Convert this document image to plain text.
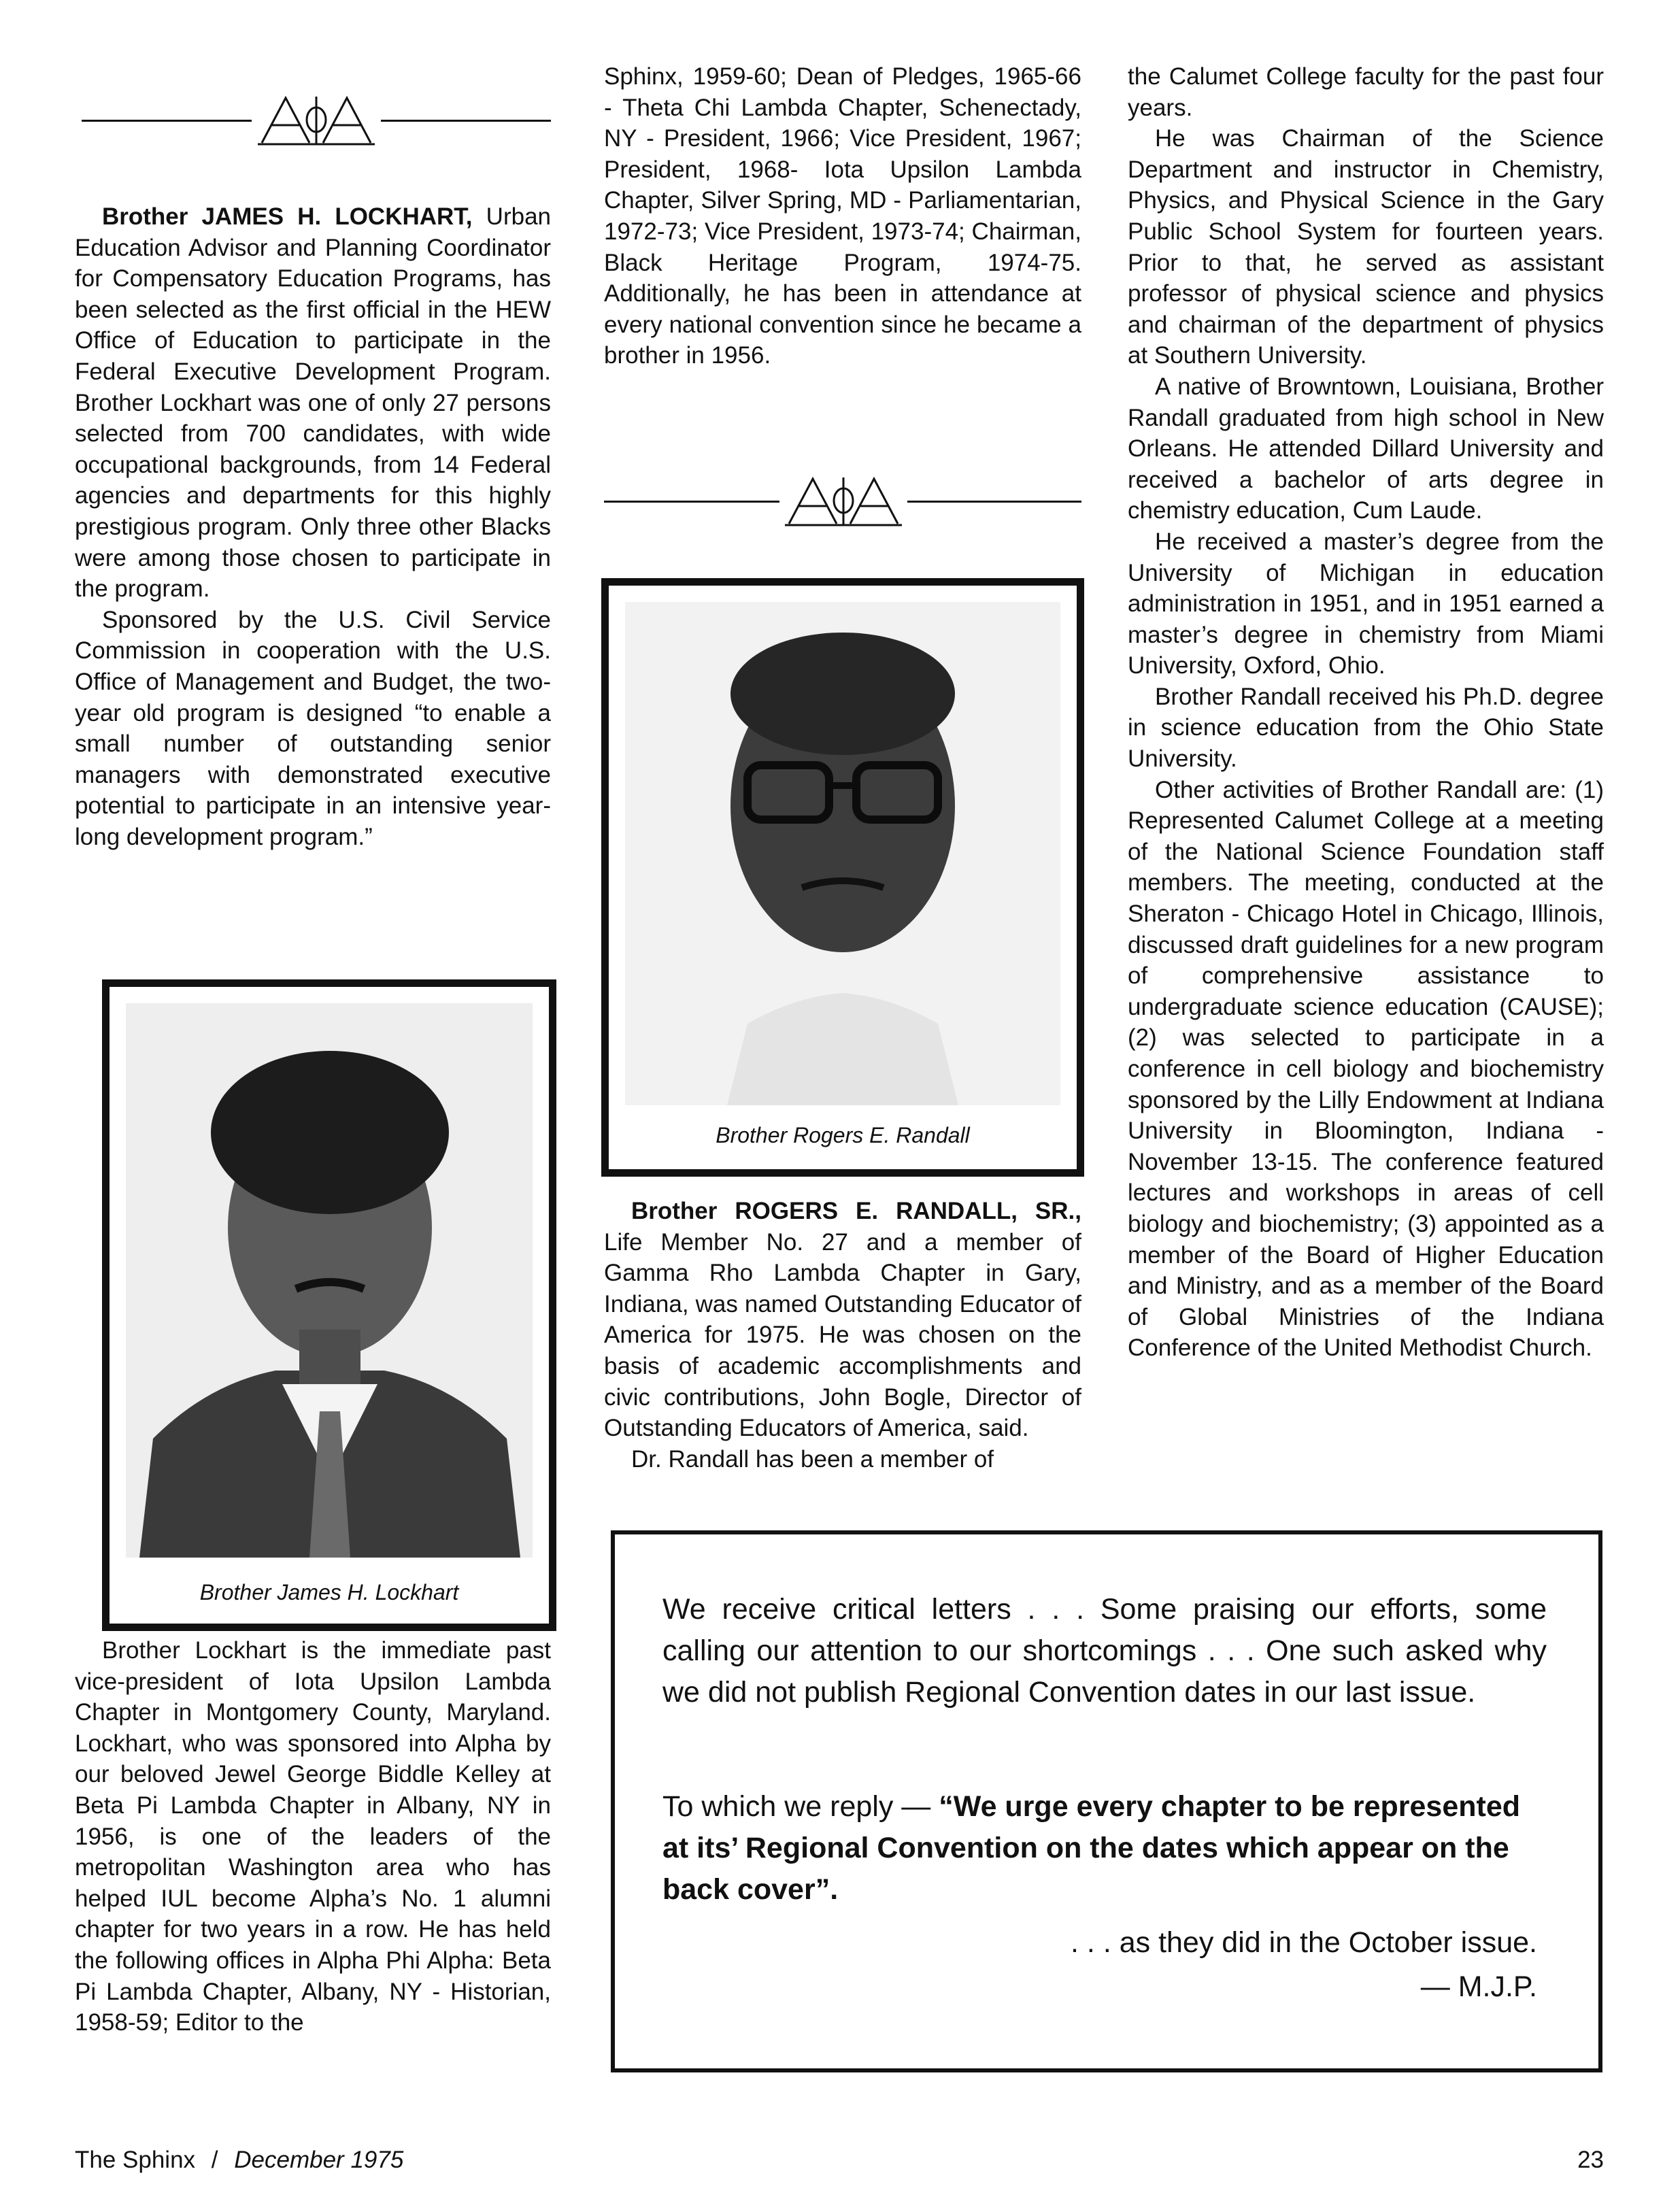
Brother JAMES H. LOCKHART, Urban Education Advisor and Planning Coordinator for Compensatory Education Programs, has been selected as the first official in the HEW Office of Education to participate in the Federal Executive Development Program. Brother Lockhart was one of only 27 persons selected from 700 candidates, with wide occupational backgrounds, from 14 Federal agencies and departments for this highly prestigious program. Only three other Blacks were among those chosen to participate in the program.

Sponsored by the U.S. Civil Service Commission in cooperation with the U.S. Office of Management and Budget, the two-year old program is designed “to enable a small number of outstanding senior managers with demonstrated executive potential to participate in an intensive year-long development program.”

Brother James H. Lockhart

Brother Lockhart is the immediate past vice-president of Iota Upsilon Lambda Chapter in Montgomery County, Maryland. Lockhart, who was sponsored into Alpha by our beloved Jewel George Biddle Kelley at Beta Pi Lambda Chapter in Albany, NY in 1956, is one of the leaders of the metropolitan Washington area who has helped IUL become Alpha’s No. 1 alumni chapter for two years in a row. He has held the following offices in Alpha Phi Alpha: Beta Pi Lambda Chapter, Albany, NY - Historian, 1958-59; Editor to the

Sphinx, 1959-60; Dean of Pledges, 1965-66 - Theta Chi Lambda Chapter, Schenectady, NY - President, 1966; Vice President, 1967; President, 1968- Iota Upsilon Lambda Chapter, Silver Spring, MD - Parliamentarian, 1972-73; Vice President, 1973-74; Chairman, Black Heritage Program, 1974-75. Additionally, he has been in attendance at every national convention since he became a brother in 1956.

Brother Rogers E. Randall

Brother ROGERS E. RANDALL, SR., Life Member No. 27 and a member of Gamma Rho Lambda Chapter in Gary, Indiana, was named Outstanding Educator of America for 1975. He was chosen on the basis of academic accomplishments and civic contributions, John Bogle, Director of Outstanding Educators of America, said.

Dr. Randall has been a member of

the Calumet College faculty for the past four years.

He was Chairman of the Science Department and instructor in Chemistry, Physics, and Physical Science in the Gary Public School System for fourteen years. Prior to that, he served as assistant professor of physical science and physics and chairman of the department of physics at Southern University.

A native of Browntown, Louisiana, Brother Randall graduated from high school in New Orleans. He attended Dillard University and received a bachelor of arts degree in chemistry education, Cum Laude.

He received a master’s degree from the University of Michigan in education administration in 1951, and in 1951 earned a master’s degree in chemistry from Miami University, Oxford, Ohio.

Brother Randall received his Ph.D. degree in science education from the Ohio State University.

Other activities of Brother Randall are: (1) Represented Calumet College at a meeting of the National Science Foundation staff members. The meeting, conducted at the Sheraton - Chicago Hotel in Chicago, Illinois, discussed draft guidelines for a new program of comprehensive assistance to undergraduate science education (CAUSE); (2) was selected to participate in a conference in cell biology and biochemistry sponsored by the Lilly Endowment at Indiana University in Bloomington, Indiana - November 13-15. The conference featured lectures and workshops in areas of cell biology and biochemistry; (3) appointed as a member of the Board of Higher Education and Ministry, and as a member of the Board of Global Ministries of the Indiana Conference of the United Methodist Church.

We receive critical letters . . . Some praising our efforts, some calling our attention to our shortcomings . . . One such asked why we did not publish Regional Convention dates in our last issue.
To which we reply — “We urge every chapter to be represented at its’ Regional Convention on the dates which appear on the back cover”.
. . . as they did in the October issue.
— M.J.P.
The Sphinx / December 1975	23
